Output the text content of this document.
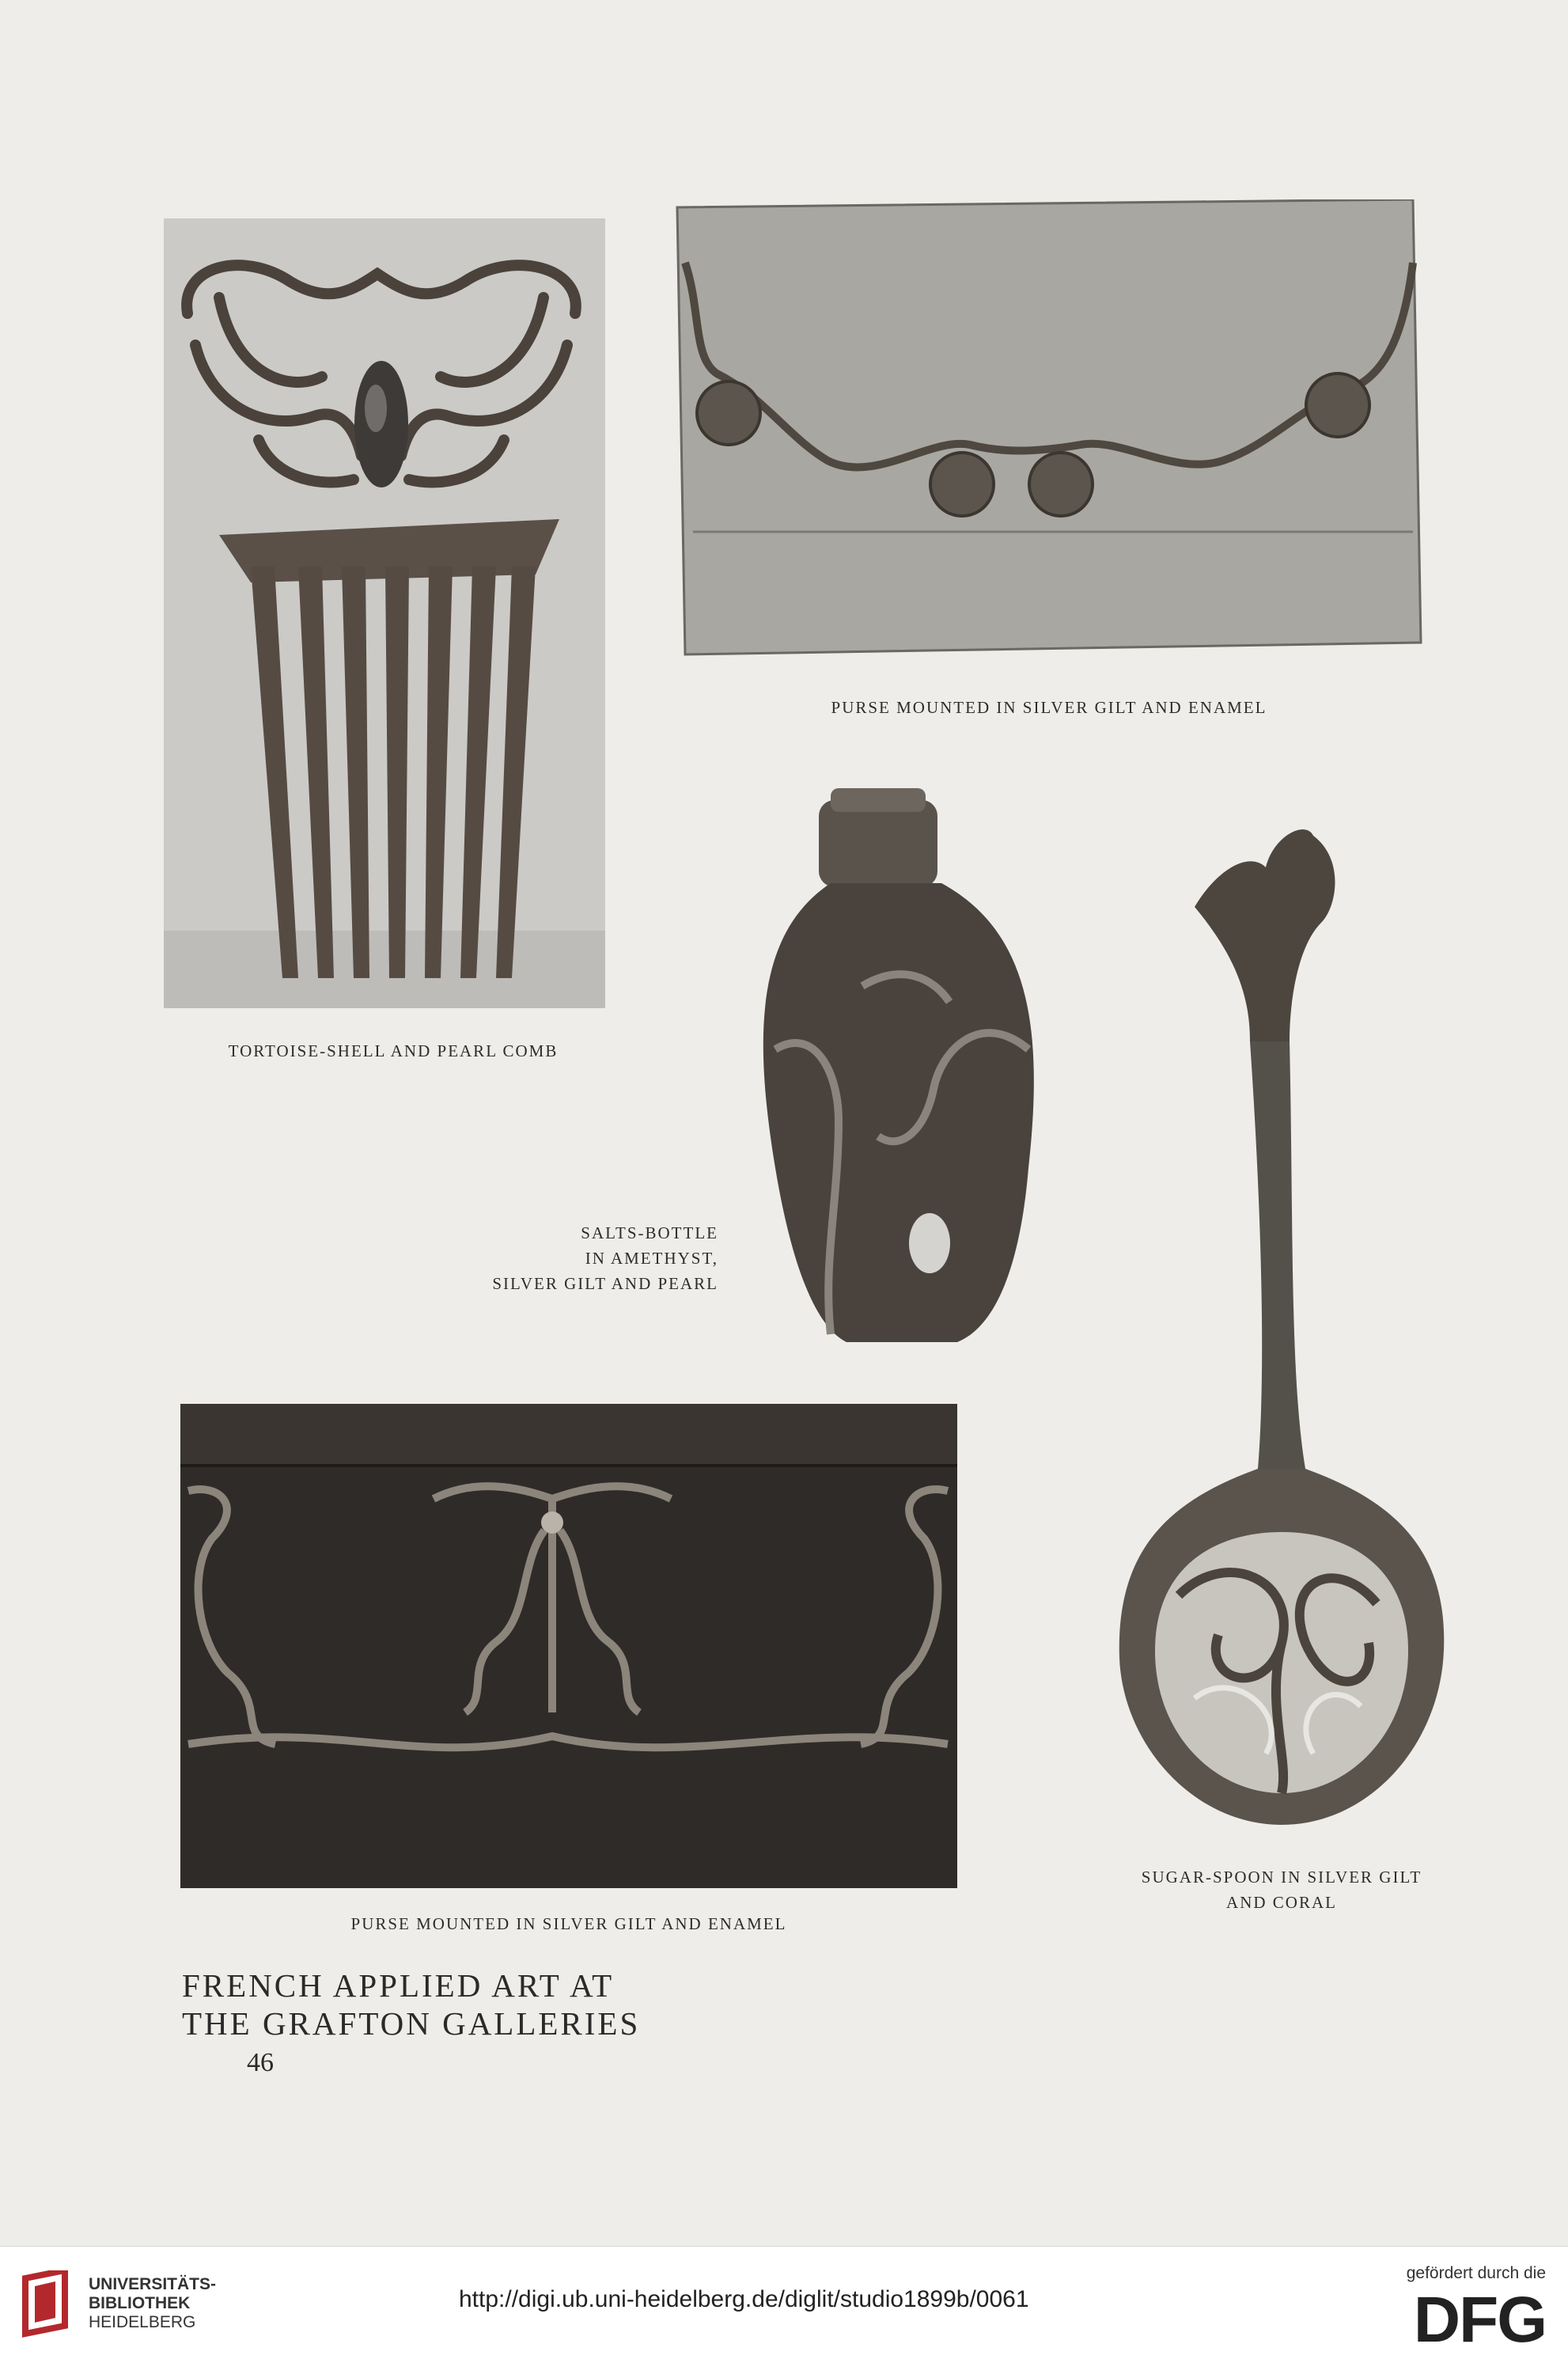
PURSE MOUNTED IN SILVER GILT AND ENAMEL
TORTOISE-SHELL AND PEARL COMB
SALTS-BOTTLE
IN AMETHYST,
SILVER GILT AND PEARL
SUGAR-SPOON IN SILVER GILT
AND CORAL
PURSE MOUNTED IN SILVER GILT AND ENAMEL
FRENCH APPLIED ART AT
THE GRAFTON GALLERIES
46
UNIVERSITÄTS-
BIBLIOTHEK
HEIDELBERG
http://digi.ub.uni-heidelberg.de/diglit/studio1899b/0061
gefördert durch die
DFG
